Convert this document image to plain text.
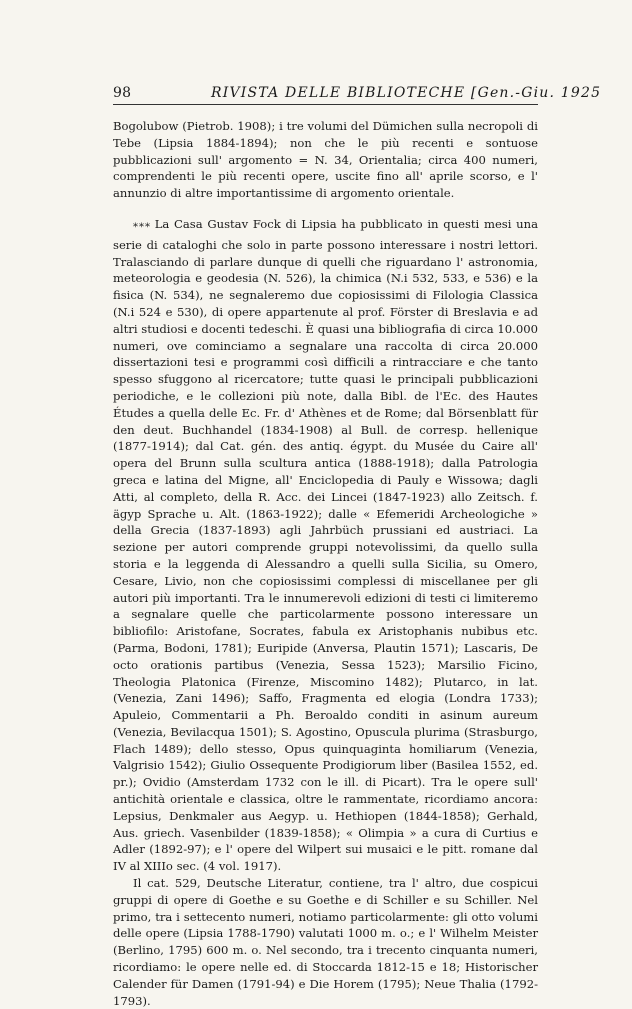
98	RIVISTA DELLE BIBLIOTECHE [Gen.-Giu. 1925

Bogolubow (Pietrob. 1908); i tre volumi del Dümichen sulla necropoli di Tebe (Lipsia 1884-1894); non che le più recenti e sontuose pubblicazioni sull' argomento = N. 34, Orientalia; circa 400 numeri, comprendenti le più recenti opere, uscite fino all' aprile scorso, e l' annunzio di altre importantissime di argomento orientale.

* * * La Casa Gustav Fock di Lipsia ha pubblicato in questi mesi una serie di cataloghi che solo in parte possono interessare i nostri lettori. Tralasciando di parlare dunque di quelli che riguardano l' astronomia, meteorologia e geodesia (N. 526), la chimica (N.i 532, 533, e 536) e la fisica (N. 534), ne segnaleremo due copiosissimi di Filologia Classica (N.i 524 e 530), di opere appartenute al prof. Förster di Breslavia e ad altri studiosi e docenti tedeschi. È quasi una bibliografia di circa 10.000 numeri, ove cominciamo a segnalare una raccolta di circa 20.000 dissertazioni tesi e programmi così difficili a rintracciare e che tanto spesso sfuggono al ricercatore; tutte quasi le principali pubblicazioni periodiche, e le collezioni più note, dalla Bibl. de l'Ec. des Hautes Études a quella delle Ec. Fr. d' Athènes et de Rome; dal Börsenblatt für den deut. Buchhandel (1834-1908) al Bull. de corresp. hellenique (1877-1914); dal Cat. gén. des antiq. égypt. du Musée du Caire all' opera del Brunn sulla scultura antica (1888-1918); dalla Patrologia greca e latina del Migne, all' Enciclopedia di Pauly e Wissowa; dagli Atti, al completo, della R. Acc. dei Lincei (1847-1923) allo Zeitsch. f. ägyp Sprache u. Alt. (1863-1922); dalle « Efemeridi Archeologiche » della Grecia (1837-1893) agli Jahrbüch prussiani ed austriaci. La sezione per autori comprende gruppi notevolissimi, da quello sulla storia e la leggenda di Alessandro a quelli sulla Sicilia, su Omero, Cesare, Livio, non che copiosissimi complessi di miscellanee per gli autori più importanti. Tra le innumerevoli edizioni di testi ci limiteremo a segnalare quelle che particolarmente possono interessare un bibliofilo: Aristofane, Socrates, fabula ex Aristophanis nubibus etc. (Parma, Bodoni, 1781); Euripide (Anversa, Plautin 1571); Lascaris, De octo orationis partibus (Venezia, Sessa 1523); Marsilio Ficino, Theologia Platonica (Firenze, Miscomino 1482); Plutarco, in lat. (Venezia, Zani 1496); Saffo, Fragmenta ed elogia (Londra 1733); Apuleio, Commentarii a Ph. Beroaldo conditi in asinum aureum (Venezia, Bevilacqua 1501); S. Agostino, Opuscula plurima (Strasburgo, Flach 1489); dello stesso, Opus quinquaginta homiliarum (Venezia, Valgrisio 1542); Giulio Ossequente Prodigiorum liber (Basilea 1552, ed. pr.); Ovidio (Amsterdam 1732 con le ill. di Picart). Tra le opere sull' antichità orientale e classica, oltre le rammentate, ricordiamo ancora: Lepsius, Denkmaler aus Aegyp. u. Hethiopen (1844-1858); Gerhald, Aus. griech. Vasenbilder (1839-1858); « Olimpia » a cura di Curtius e Adler (1892-97); e l' opere del Wilpert sui musaici e le pitt. romane dal IV al XIIIo sec. (4 vol. 1917).

Il cat. 529, Deutsche Literatur, contiene, tra l' altro, due cospicui gruppi di opere di Goethe e su Goethe e di Schiller e su Schiller. Nel primo, tra i settecento numeri, notiamo particolarmente: gli otto volumi delle opere (Lipsia 1788-1790) valutati 1000 m. o.; e l' Wilhelm Meister (Berlino, 1795) 600 m. o. Nel secondo, tra i trecento cinquanta numeri, ricordiamo: le opere nelle ed. di Stoccarda 1812-15 e 18; Historischer Calender für Damen (1791-94) e Die Horem (1795); Neue Thalia (1792-1793).
